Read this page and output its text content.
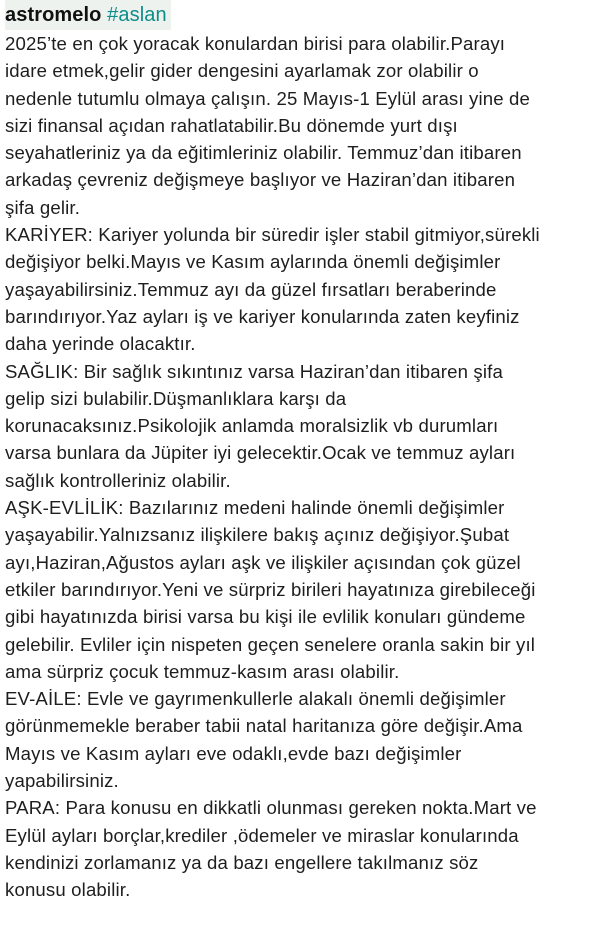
astromelo #aslan

2025’te en çok yoracak konulardan birisi para olabilir.Parayı
idare etmek,gelir gider dengesini ayarlamak zor olabilir o
nedenle tutumlu olmaya çalışın. 25 Mayıs-1 Eylül arası yine de
sizi finansal açıdan rahatlatabilir.Bu dönemde yurt dışı
seyahatleriniz ya da eğitimleriniz olabilir. Temmuz’dan itibaren
arkadaş çevreniz değişmeye başlıyor ve Haziran’dan itibaren
şifa gelir.
KARİYER: Kariyer yolunda bir süredir işler stabil gitmiyor,sürekli
değişiyor belki.Mayıs ve Kasım aylarında önemli değişimler
yaşayabilirsiniz.Temmuz ayı da güzel fırsatları beraberinde
barındırıyor.Yaz ayları iş ve kariyer konularında zaten keyfiniz
daha yerinde olacaktır.
SAĞLIK: Bir sağlık sıkıntınız varsa Haziran’dan itibaren şifa
gelip sizi bulabilir.Düşmanlıklara karşı da
korunacaksınız.Psikolojik anlamda moralsizlik vb durumları
varsa bunlara da Jüpiter iyi gelecektir.Ocak ve temmuz ayları
sağlık kontrolleriniz olabilir.
AŞK-EVLİLİK: Bazılarınız medeni halinde önemli değişimler
yaşayabilir.Yalnızsanız ilişkilere bakış açınız değişiyor.Şubat
ayı,Haziran,Ağustos ayları aşk ve ilişkiler açısından çok güzel
etkiler barındırıyor.Yeni ve sürpriz birileri hayatınıza girebileceği
gibi hayatınızda birisi varsa bu kişi ile evlilik konuları gündeme
gelebilir. Evliler için nispeten geçen senelere oranla sakin bir yıl
ama sürpriz çocuk temmuz-kasım arası olabilir.
EV-AİLE: Evle ve gayrımenkullerle alakalı önemli değişimler
görünmemekle beraber tabii natal haritanıza göre değişir.Ama
Mayıs ve Kasım ayları eve odaklı,evde bazı değişimler
yapabilirsiniz.
PARA: Para konusu en dikkatli olunması gereken nokta.Mart ve
Eylül ayları borçlar,krediler ,ödemeler ve miraslar konularında
kendinizi zorlamanız ya da bazı engellere takılmanız söz
konusu olabilir.
